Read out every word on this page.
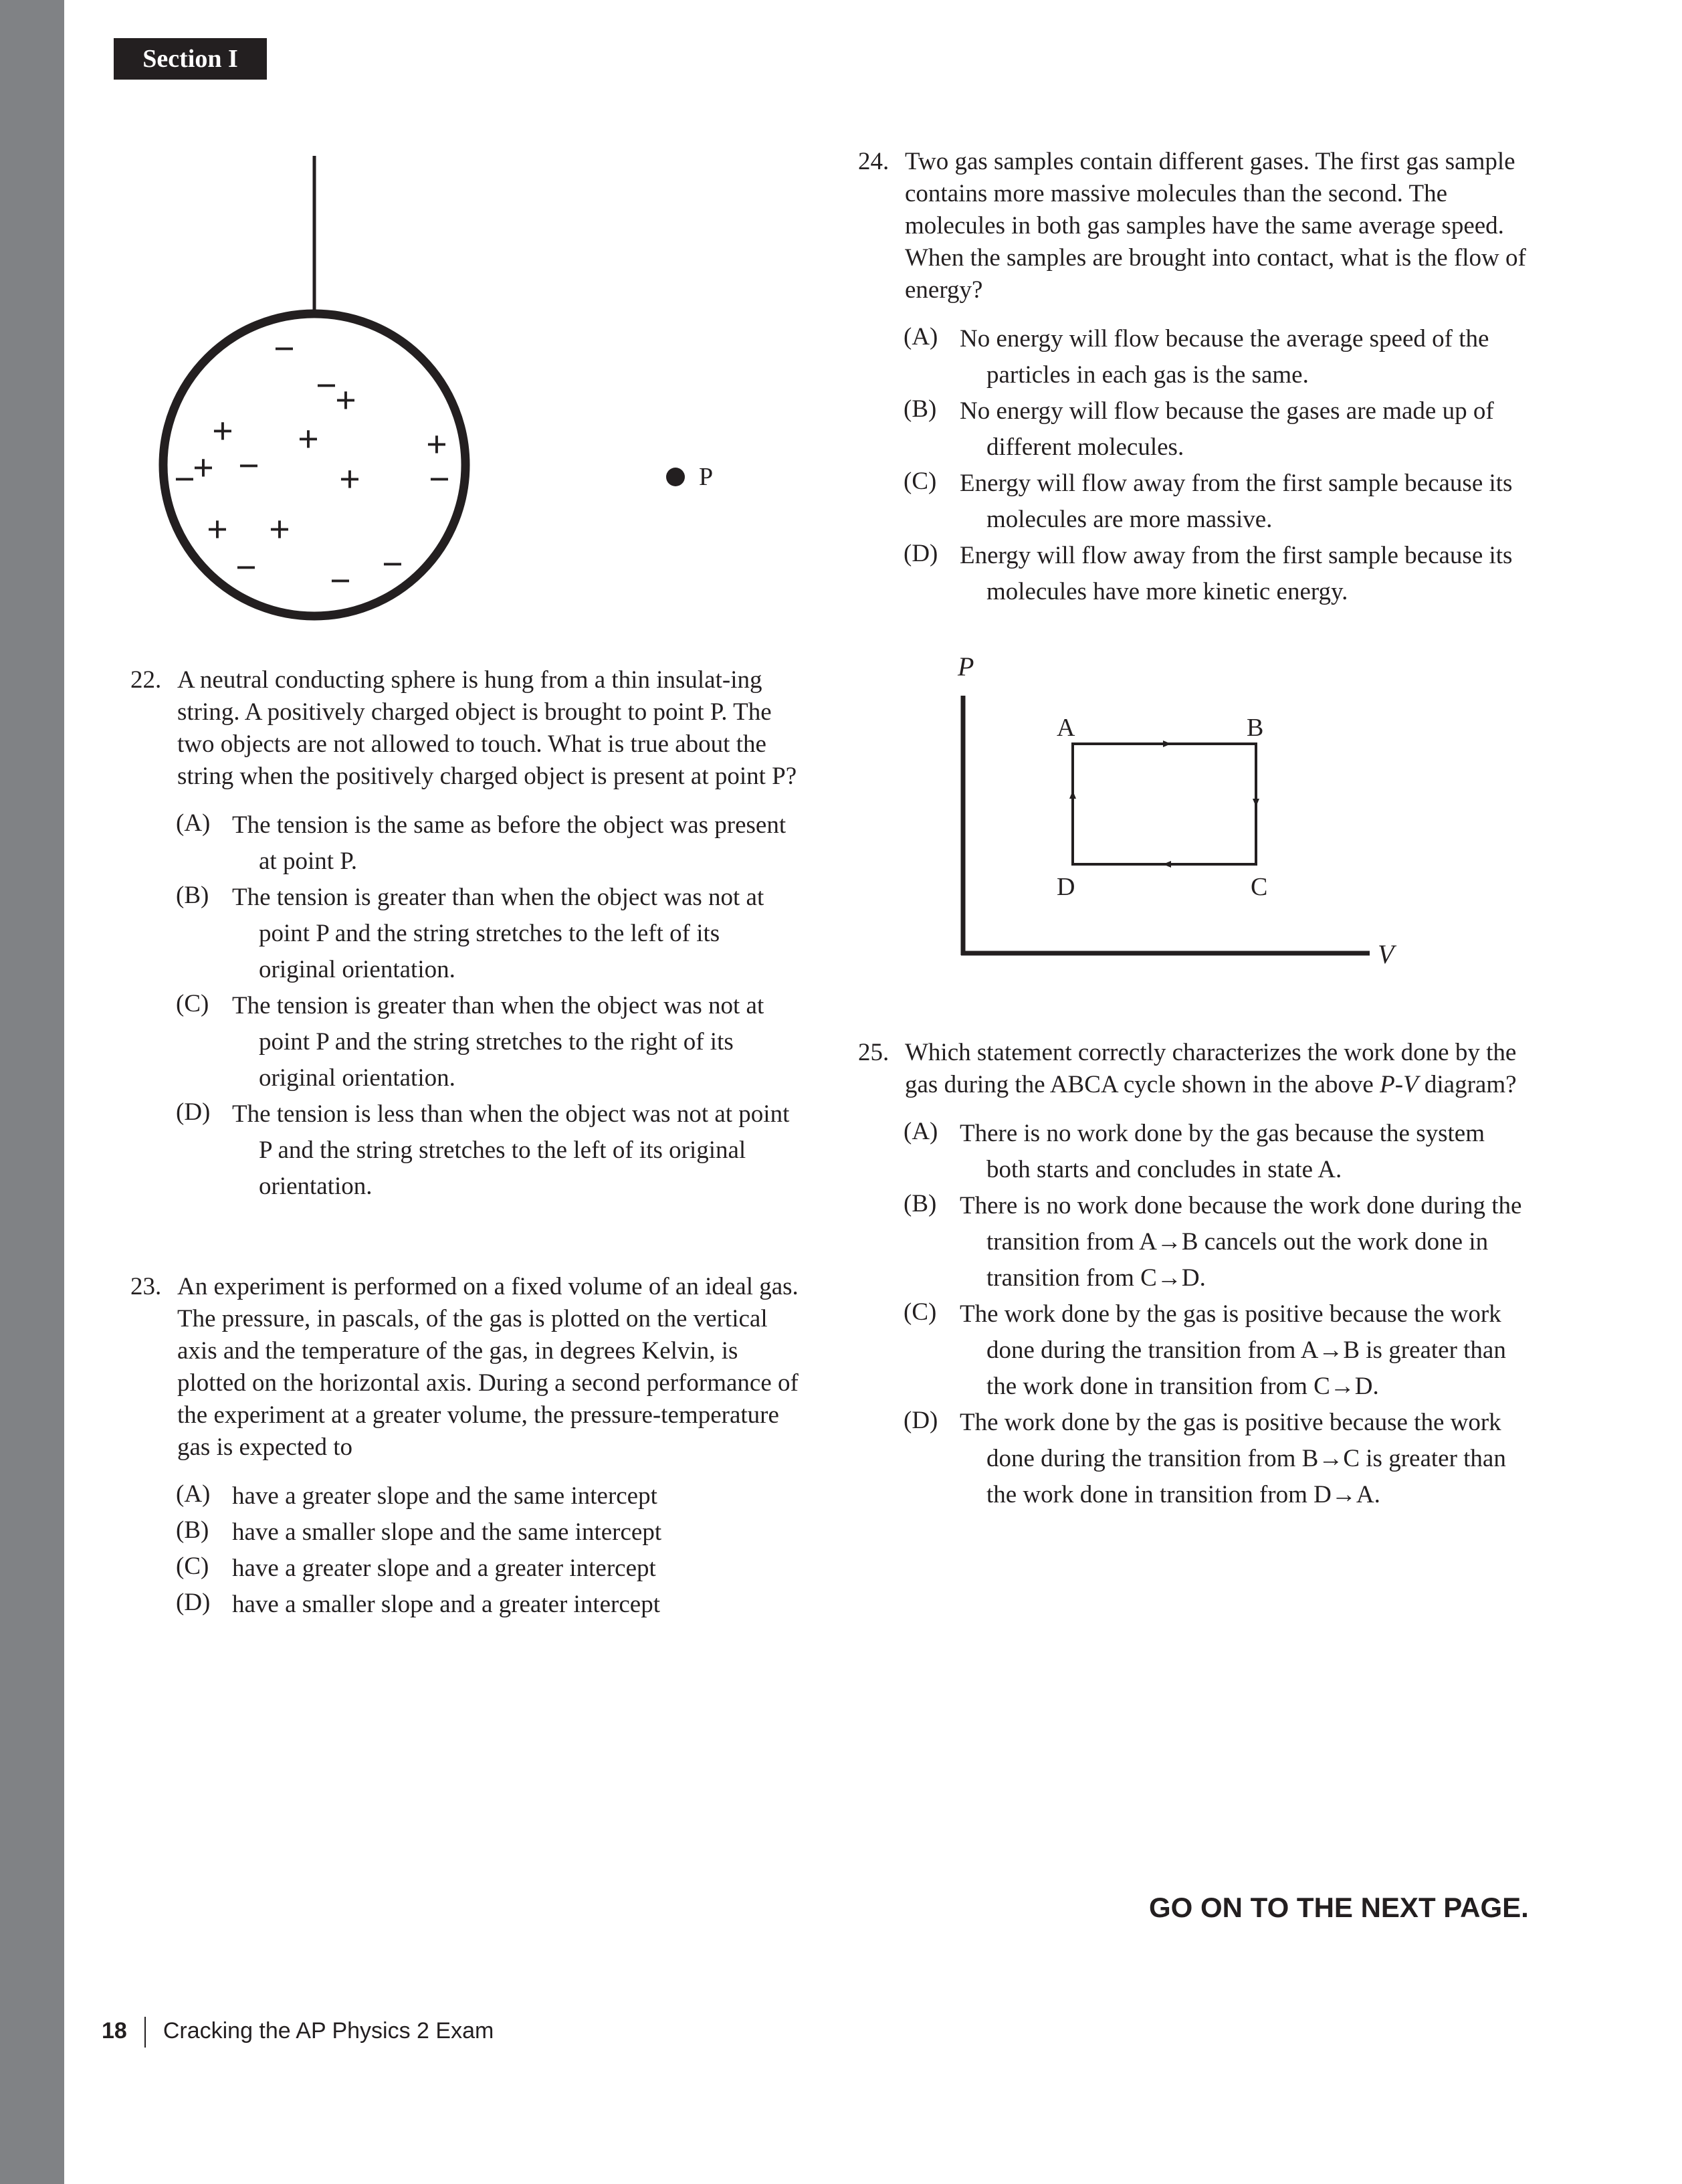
Section I
−
−
+
+ +	+
−
+ −	−
+
+ +
−	−
−
P
22. A neutral conducting sphere is hung from a thin insulat-ing string. A positively charged object is brought to point P. The two objects are not allowed to touch. What is true about the string when the positively charged object is present at point P?
(A) The tension is the same as before the object was present at point P.
(B) The tension is greater than when the object was not at point P and the string stretches to the left of its original orientation.
(C) The tension is greater than when the object was not at point P and the string stretches to the right of its original orientation.
(D) The tension is less than when the object was not at point P and the string stretches to the left of its original orientation.
23. An experiment is performed on a fixed volume of an ideal gas. The pressure, in pascals, of the gas is plotted on the vertical axis and the temperature of the gas, in degrees Kelvin, is plotted on the horizontal axis. During a second performance of the experiment at a greater volume, the pressure-temperature gas is expected to
(A) have a greater slope and the same intercept
(B) have a smaller slope and the same intercept
(C) have a greater slope and a greater intercept
(D) have a smaller slope and a greater intercept
24. Two gas samples contain different gases. The first gas sample contains more massive molecules than the second. The molecules in both gas samples have the same average speed. When the samples are brought into contact, what is the flow of energy?
(A) No energy will flow because the average speed of the particles in each gas is the same.
(B) No energy will flow because the gases are made up of different molecules.
(C) Energy will flow away from the first sample because its molecules are more massive.
(D) Energy will flow away from the first sample because its molecules have more kinetic energy.
P
V
A	B
D	C
25. Which statement correctly characterizes the work done by the gas during the ABCA cycle shown in the above P-V diagram?
(A) There is no work done by the gas because the system both starts and concludes in state A.
(B) There is no work done because the work done during the transition from A→B cancels out the work done in transition from C→D.
(C) The work done by the gas is positive because the work done during the transition from A→B is greater than the work done in transition from C→D.
(D) The work done by the gas is positive because the work done during the transition from B→C is greater than the work done in transition from D→A.
GO ON TO THE NEXT PAGE.
18 Cracking the AP Physics 2 Exam
